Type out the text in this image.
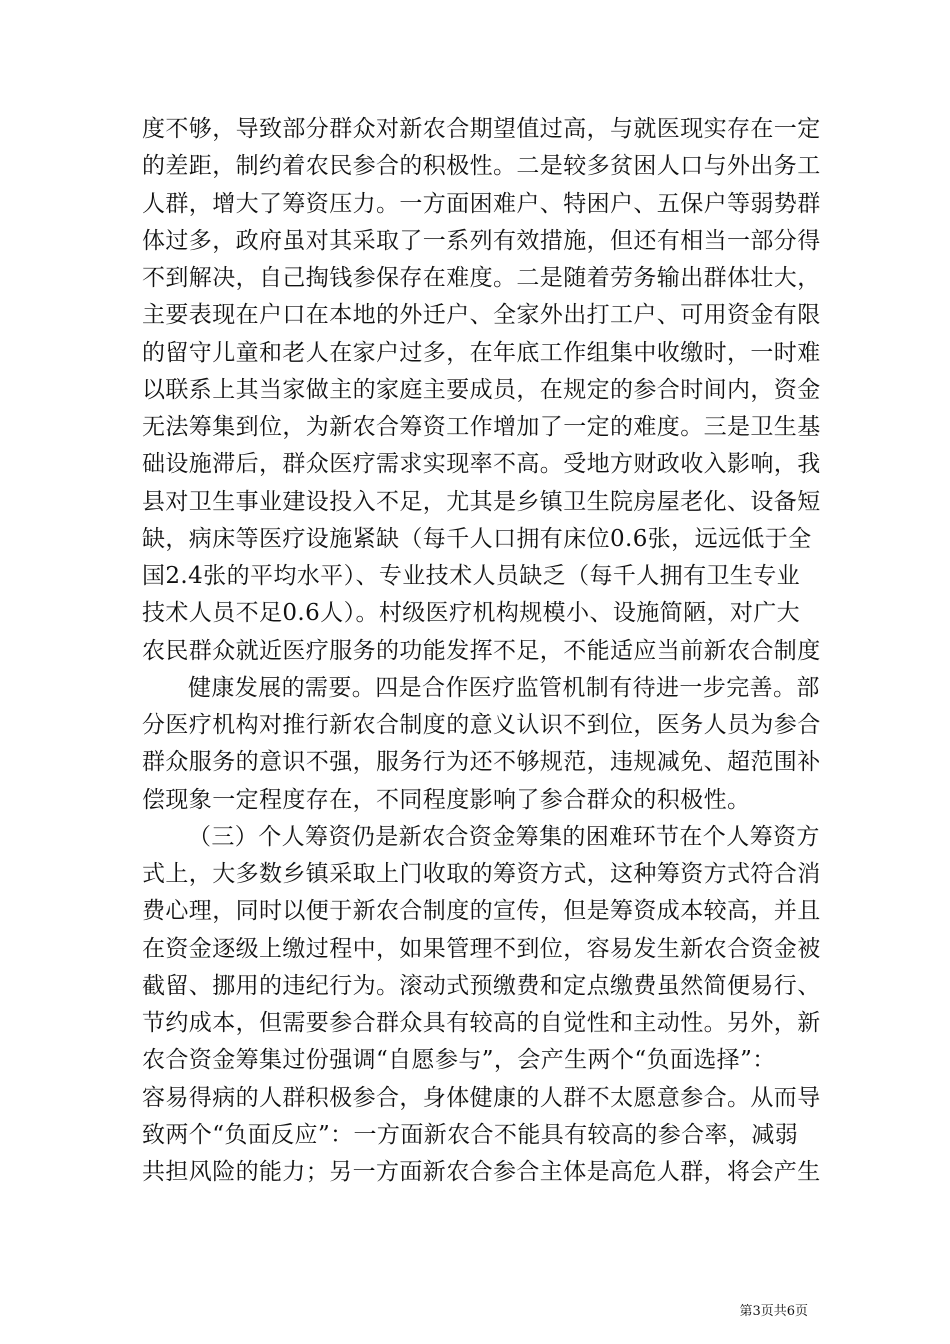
度不够，导致部分群众对新农合期望值过高，与就医现实存在一定
的差距，制约着农民参合的积极性。二是较多贫困人口与外出务工
人群，增大了筹资压力。一方面困难户、特困户、五保户等弱势群
体过多，政府虽对其采取了一系列有效措施，但还有相当一部分得
不到解决，自己掏钱参保存在难度。二是随着劳务输出群体壮大，
主要表现在户口在本地的外迁户、全家外出打工户、可用资金有限
的留守儿童和老人在家户过多，在年底工作组集中收缴时，一时难
以联系上其当家做主的家庭主要成员，在规定的参合时间内，资金
无法筹集到位，为新农合筹资工作增加了一定的难度。三是卫生基
础设施滞后，群众医疗需求实现率不高。受地方财政收入影响，我
县对卫生事业建设投入不足，尤其是乡镇卫生院房屋老化、设备短
缺，病床等医疗设施紧缺（每千人口拥有床位0.6张，远远低于全
国2.4张的平均水平）、专业技术人员缺乏（每千人拥有卫生专业
技术人员不足0.6人）。村级医疗机构规模小、设施简陋，对广大
农民群众就近医疗服务的功能发挥不足，不能适应当前新农合制度
健康发展的需要。四是合作医疗监管机制有待进一步完善。部
分医疗机构对推行新农合制度的意义认识不到位，医务人员为参合
群众服务的意识不强，服务行为还不够规范，违规减免、超范围补
偿现象一定程度存在，不同程度影响了参合群众的积极性。
（三）个人筹资仍是新农合资金筹集的困难环节在个人筹资方
式上，大多数乡镇采取上门收取的筹资方式，这种筹资方式符合消
费心理，同时以便于新农合制度的宣传，但是筹资成本较高，并且
在资金逐级上缴过程中，如果管理不到位，容易发生新农合资金被
截留、挪用的违纪行为。滚动式预缴费和定点缴费虽然简便易行、
节约成本，但需要参合群众具有较高的自觉性和主动性。另外，新
农合资金筹集过份强调“自愿参与”，会产生两个“负面选择”：
容易得病的人群积极参合，身体健康的人群不太愿意参合。从而导
致两个“负面反应”：一方面新农合不能具有较高的参合率，减弱
共担风险的能力；另一方面新农合参合主体是高危人群，将会产生
第3页共6页
